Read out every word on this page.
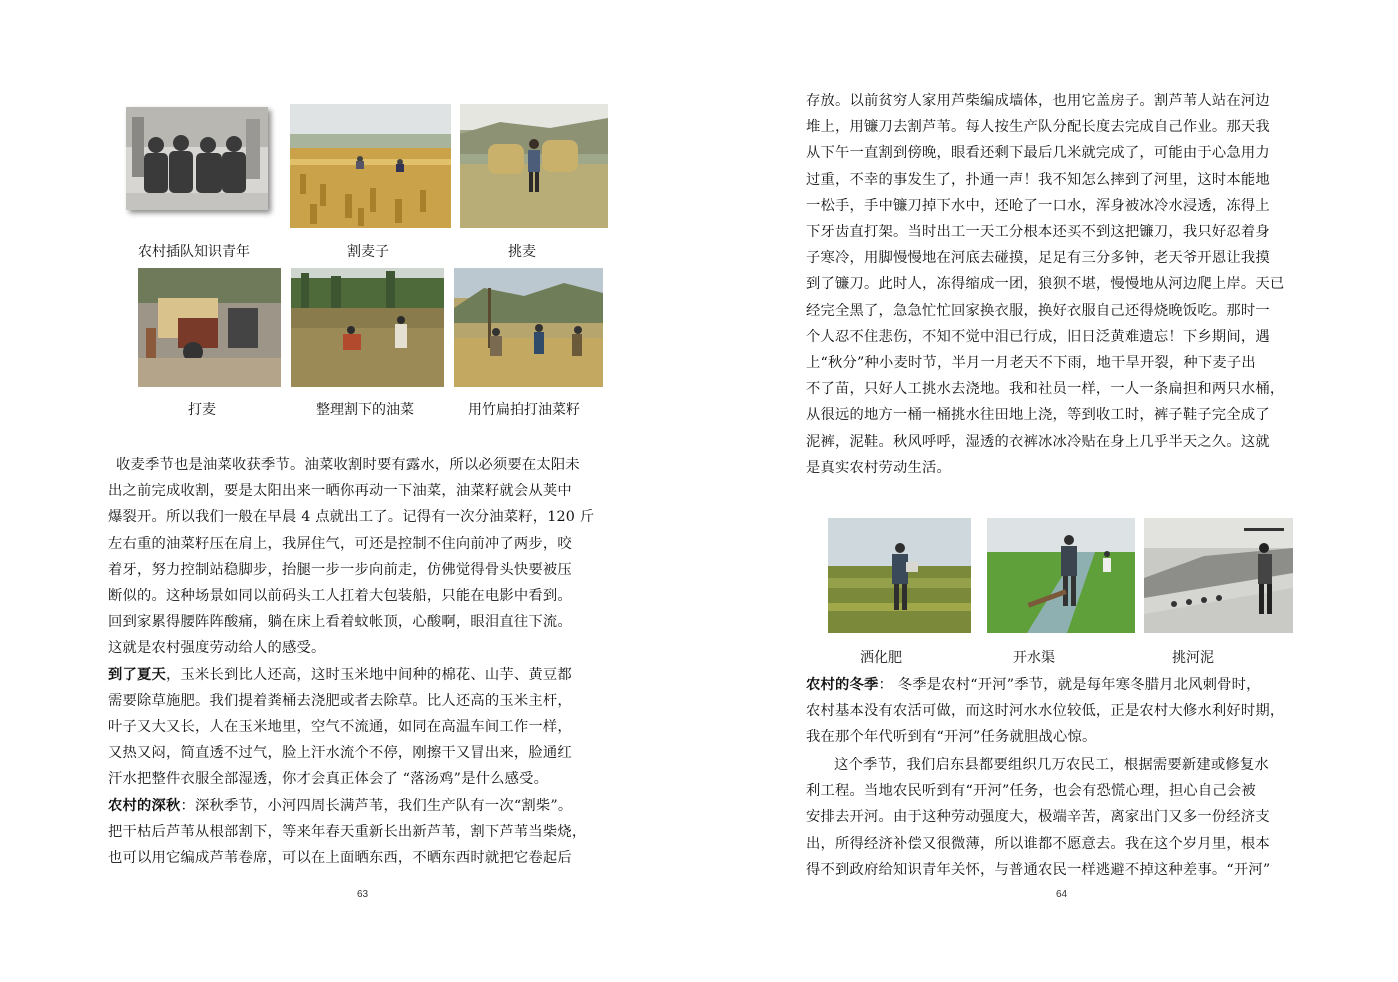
农村插队知识青年	割麦子	挑麦
打麦	整理割下的油菜	用竹扁拍打油菜籽
收麦季节也是油菜收获季节。油菜收割时要有露水，所以必须要在太阳未
出之前完成收割，要是太阳出来一晒你再动一下油菜，油菜籽就会从荚中
爆裂开。所以我们一般在早晨 4 点就出工了。记得有一次分油菜籽，120 斤
左右重的油菜籽压在肩上，我屏住气，可还是控制不住向前冲了两步，咬
着牙，努力控制站稳脚步，抬腿一步一步向前走，仿佛觉得骨头快要被压
断似的。这种场景如同以前码头工人扛着大包装船，只能在电影中看到。
回到家累得腰阵阵酸痛，躺在床上看着蚊帐顶，心酸啊，眼泪直往下流。
这就是农村强度劳动给人的感受。
到了夏天，玉米长到比人还高，这时玉米地中间种的棉花、山芋、黄豆都
需要除草施肥。我们提着粪桶去浇肥或者去除草。比人还高的玉米主杆，
叶子又大又长，人在玉米地里，空气不流通，如同在高温车间工作一样，
又热又闷，简直透不过气，脸上汗水流个不停，刚擦干又冒出来，脸通红
汗水把整件衣服全部湿透，你才会真正体会了 “落汤鸡”是什么感受。
农村的深秋：深秋季节，小河四周长满芦苇，我们生产队有一次“割柴”。
把干枯后芦苇从根部割下，等来年春天重新长出新芦苇，割下芦苇当柴烧，
也可以用它编成芦苇卷席，可以在上面晒东西，不晒东西时就把它卷起后
63
存放。以前贫穷人家用芦柴编成墙体，也用它盖房子。割芦苇人站在河边
堆上，用镰刀去割芦苇。每人按生产队分配长度去完成自己作业。那天我
从下午一直割到傍晚，眼看还剩下最后几米就完成了，可能由于心急用力
过重，不幸的事发生了，扑通一声！我不知怎么摔到了河里，这时本能地
一松手，手中镰刀掉下水中，还呛了一口水，浑身被冰冷水浸透，冻得上
下牙齿直打架。当时出工一天工分根本还买不到这把镰刀，我只好忍着身
子寒冷，用脚慢慢地在河底去碰摸，足足有三分多钟，老天爷开恩让我摸
到了镰刀。此时人，冻得缩成一团，狼狈不堪，慢慢地从河边爬上岸。天已
经完全黑了，急急忙忙回家换衣服，换好衣服自己还得烧晚饭吃。那时一
个人忍不住悲伤，不知不觉中泪已行成，旧日泛黄难遗忘！下乡期间，遇
上“秋分”种小麦时节，半月一月老天不下雨，地干旱开裂，种下麦子出
不了苗，只好人工挑水去浇地。我和社员一样，一人一条扁担和两只水桶，
从很远的地方一桶一桶挑水往田地上浇，等到收工时，裤子鞋子完全成了
泥裤，泥鞋。秋风呼呼，湿透的衣裤冰冰冷贴在身上几乎半天之久。这就
是真实农村劳动生活。
洒化肥	开水渠	挑河泥
农村的冬季： 冬季是农村“开河”季节，就是每年寒冬腊月北风刺骨时，
农村基本没有农活可做，而这时河水水位较低，正是农村大修水利好时期，
我在那个年代听到有“开河”任务就胆战心惊。
这个季节，我们启东县都要组织几万农民工，根据需要新建或修复水
利工程。当地农民听到有“开河”任务，也会有恐慌心理，担心自己会被
安排去开河。由于这种劳动强度大，极端辛苦，离家出门又多一份经济支
出，所得经济补偿又很微薄，所以谁都不愿意去。我在这个岁月里，根本
得不到政府给知识青年关怀，与普通农民一样逃避不掉这种差事。“开河”
64
